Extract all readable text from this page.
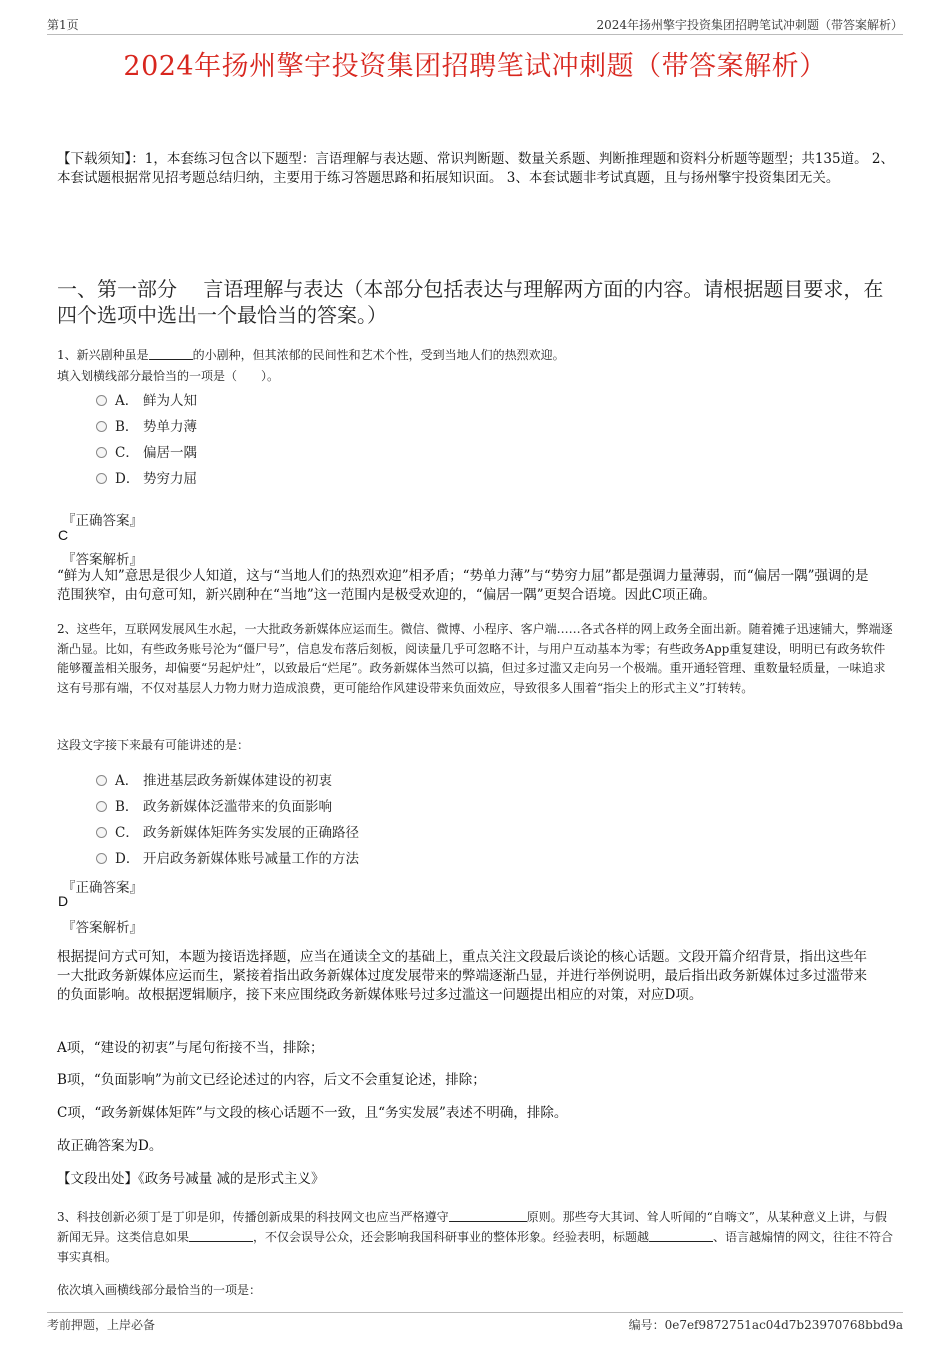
第1页	2024年扬州擎宇投资集团招聘笔试冲刺题（带答案解析）
2024年扬州擎宇投资集团招聘笔试冲刺题（带答案解析）
【下载须知】：1，本套练习包含以下题型：言语理解与表达题、常识判断题、数量关系题、判断推理题和资料分析题等题型；共135道。 2、本套试题根据常见招考题总结归纳，主要用于练习答题思路和拓展知识面。 3、本套试题非考试真题，且与扬州擎宇投资集团无关。
一、第一部分　 言语理解与表达（本部分包括表达与理解两方面的内容。请根据题目要求，在四个选项中选出一个最恰当的答案。）
1、新兴剧种虽是	的小剧种，但其浓郁的民间性和艺术个性，受到当地人们的热烈欢迎。
填入划横线部分最恰当的一项是（　　）。
A． 鲜为人知
B． 势单力薄
C． 偏居一隅
D． 势穷力屈
『正确答案』
C
『答案解析』
“鲜为人知”意思是很少人知道，这与“当地人们的热烈欢迎”相矛盾；“势单力薄”与“势穷力屈”都是强调力量薄弱，而“偏居一隅”强调的是范围狭窄，由句意可知，新兴剧种在“当地”这一范围内是极受欢迎的，“偏居一隅”更契合语境。因此C项正确。
2、这些年，互联网发展风生水起，一大批政务新媒体应运而生。微信、微博、小程序、客户端……各式各样的网上政务全面出新。随着摊子迅速铺大，弊端逐渐凸显。比如，有些政务账号沦为“僵尸号”，信息发布落后刻板，阅读量几乎可忽略不计，与用户互动基本为零；有些政务App重复建设，明明已有政务软件能够覆盖相关服务，却偏要“另起炉灶”，以致最后“烂尾”。政务新媒体当然可以搞，但过多过滥又走向另一个极端。重开通轻管理、重数量轻质量，一味追求这有号那有端，不仅对基层人力物力财力造成浪费，更可能给作风建设带来负面效应，导致很多人围着“指尖上的形式主义”打转转。
这段文字接下来最有可能讲述的是：
A． 推进基层政务新媒体建设的初衷
B． 政务新媒体泛滥带来的负面影响
C． 政务新媒体矩阵务实发展的正确路径
D． 开启政务新媒体账号减量工作的方法
『正确答案』
D
『答案解析』
根据提问方式可知，本题为接语选择题，应当在通读全文的基础上，重点关注文段最后谈论的核心话题。文段开篇介绍背景，指出这些年一大批政务新媒体应运而生，紧接着指出政务新媒体过度发展带来的弊端逐渐凸显，并进行举例说明，最后指出政务新媒体过多过滥带来的负面影响。故根据逻辑顺序，接下来应围绕政务新媒体账号过多过滥这一问题提出相应的对策，对应D项。
A项，“建设的初衷”与尾句衔接不当，排除；
B项，“负面影响”为前文已经论述过的内容，后文不会重复论述，排除；
C项，“政务新媒体矩阵”与文段的核心话题不一致，且“务实发展”表述不明确，排除。
故正确答案为D。
【文段出处】《政务号减量 减的是形式主义》
3、科技创新必须丁是丁卯是卯，传播创新成果的科技网文也应当严格遵守	原则。那些夸大其词、耸人听闻的“自嗨文”，从某种意义上讲，与假新闻无异。这类信息如果	，不仅会误导公众，还会影响我国科研事业的整体形象。经验表明，标题越	、语言越煽情的网文，往往不符合事实真相。
依次填入画横线部分最恰当的一项是：
考前押题，上岸必备	编号：0e7ef9872751ac04d7b23970768bbd9a
